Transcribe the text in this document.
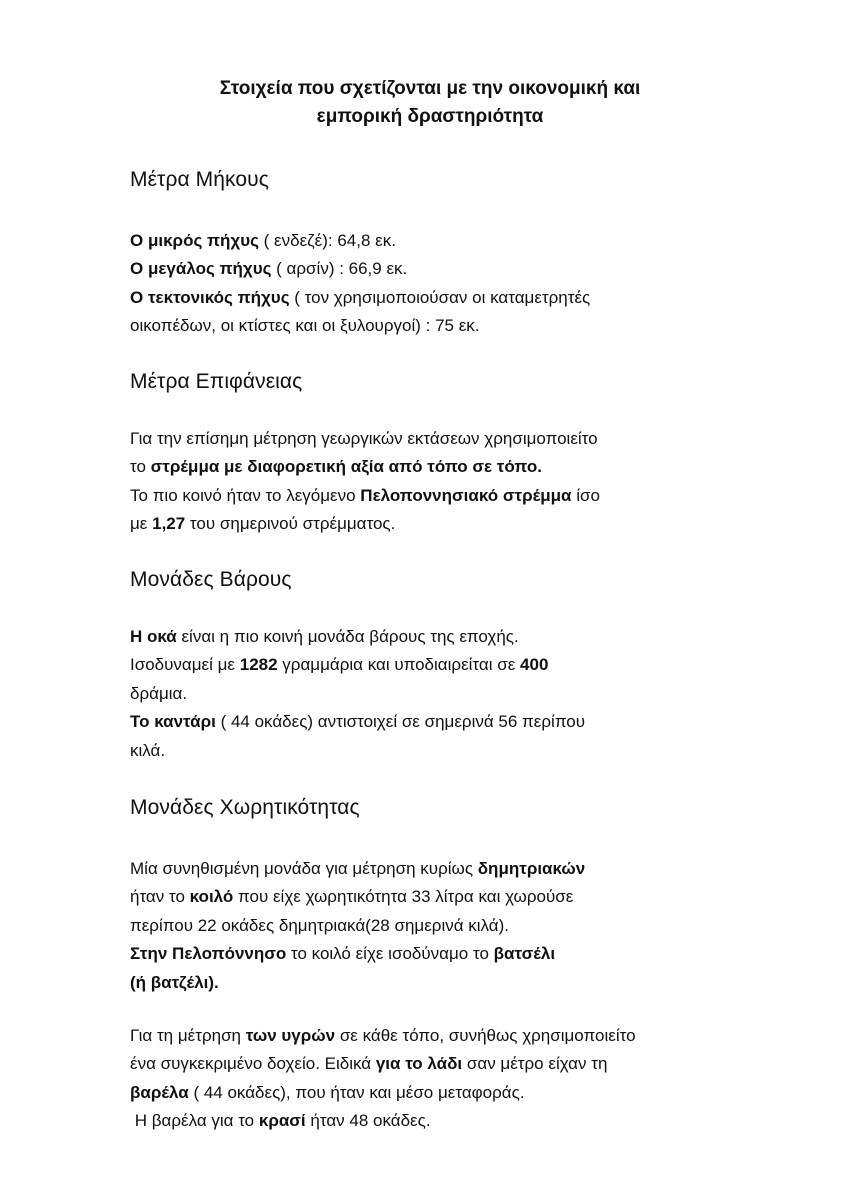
Στοιχεία που σχετίζονται με την οικονομική και
εμπορική δραστηριότητα
Μέτρα Μήκους
Ο μικρός πήχυς ( ενδεζέ): 64,8 εκ.
Ο μεγάλος πήχυς ( αρσίν) : 66,9 εκ.
Ο τεκτονικός πήχυς ( τον χρησιμοποιούσαν οι καταμετρητές
οικοπέδων, οι κτίστες και οι ξυλουργοί) : 75 εκ.
Μέτρα Επιφάνειας
Για την επίσημη μέτρηση γεωργικών εκτάσεων χρησιμοποιείτο
το στρέμμα με διαφορετική αξία από τόπο σε τόπο.
Το πιο κοινό ήταν το λεγόμενο Πελοποννησιακό στρέμμα ίσο
με 1,27 του σημερινού στρέμματος.
Μονάδες Βάρους
Η οκά είναι η πιο κοινή μονάδα βάρους της εποχής.
Ισοδυναμεί με 1282 γραμμάρια και υποδιαιρείται σε 400
δράμια.
Το καντάρι ( 44 οκάδες) αντιστοιχεί σε σημερινά 56 περίπου
κιλά.
Μονάδες Χωρητικότητας
Μία συνηθισμένη μονάδα για μέτρηση κυρίως δημητριακών
ήταν το κοιλό που είχε χωρητικότητα 33 λίτρα και χωρούσε
περίπου 22 οκάδες δημητριακά(28 σημερινά κιλά).
Στην Πελοπόννησο το κοιλό είχε ισοδύναμο το βατσέλι
(ή βατζέλι).
Για τη μέτρηση των υγρών σε κάθε τόπο, συνήθως χρησιμοποιείτο
ένα συγκεκριμένο δοχείο. Ειδικά για το λάδι σαν μέτρο είχαν τη
βαρέλα ( 44 οκάδες), που ήταν και μέσο μεταφοράς.
Η βαρέλα για το κρασί ήταν 48 οκάδες.
